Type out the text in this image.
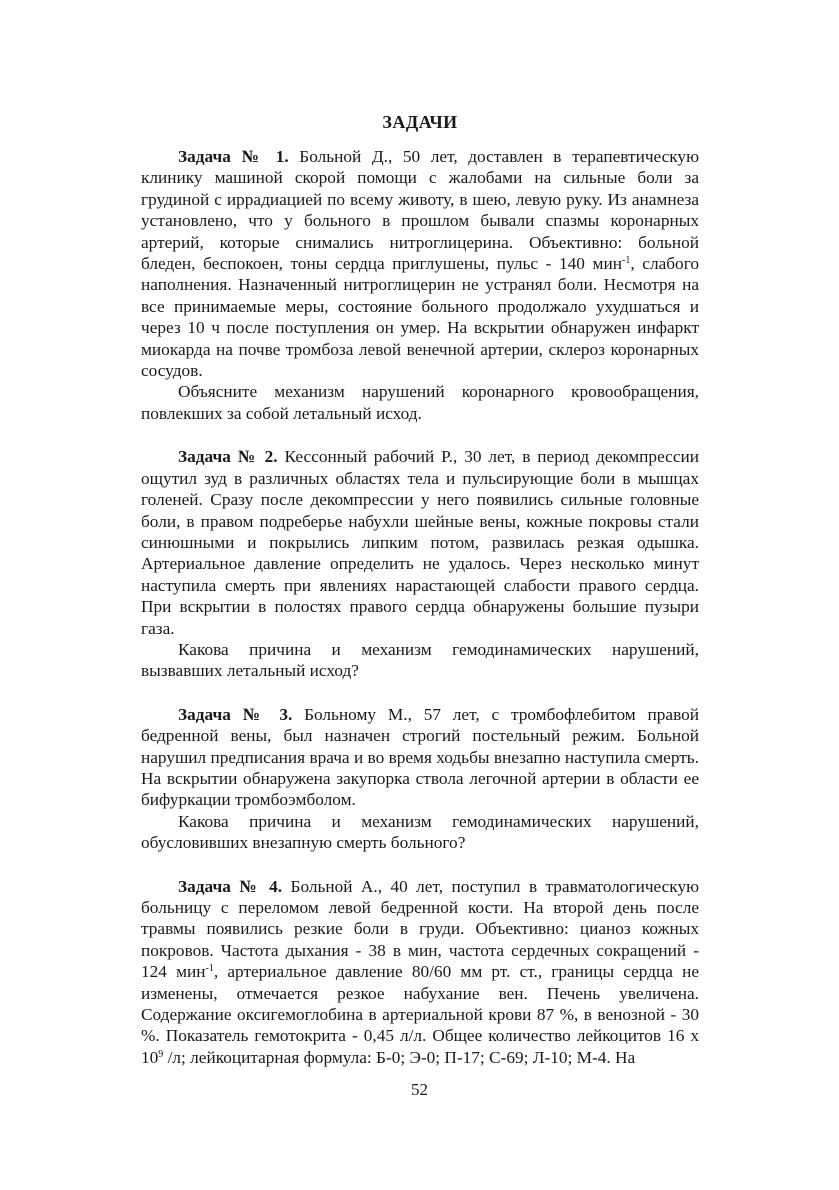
ЗАДАЧИ

Задача № 1. Больной Д., 50 лет, доставлен в терапевтическую клинику машиной скорой помощи с жалобами на сильные боли за грудиной с иррадиацией по всему животу, в шею, левую руку. Из анамнеза установлено, что у больного в прошлом бывали спазмы коронарных артерий, которые снимались нитроглицерина. Объективно: больной бледен, беспокоен, тоны сердца приглушены, пульс - 140 мин$^{-1}$, слабого наполнения. Назначенный нитроглицерин не устранял боли. Несмотря на все принимаемые меры, состояние больного продолжало ухудшаться и через 10 ч после поступления он умер. На вскрытии обнаружен инфаркт миокарда на почве тромбоза левой венечной артерии, склероз коронарных сосудов.

Объясните механизм нарушений коронарного кровообращения, повлекших за собой летальный исход.

Задача № 2. Кессонный рабочий Р., 30 лет, в период декомпрессии ощутил зуд в различных областях тела и пульсирующие боли в мышцах голеней. Сразу после декомпрессии у него появились сильные головные боли, в правом подреберье набухли шейные вены, кожные покровы стали синюшными и покрылись липким потом, развилась резкая одышка. Артериальное давление определить не удалось. Через несколько минут наступила смерть при явлениях нарастающей слабости правого сердца. При вскрытии в полостях правого сердца обнаружены большие пузыри газа.

Какова причина и механизм гемодинамических нарушений, вызвавших летальный исход?

Задача № 3. Больному М., 57 лет, с тромбофлебитом правой бедренной вены, был назначен строгий постельный режим. Больной нарушил предписания врача и во время ходьбы внезапно наступила смерть. На вскрытии обнаружена закупорка ствола легочной артерии в области ее бифуркации тромбоэмболом.

Какова причина и механизм гемодинамических нарушений, обусловивших внезапную смерть больного?

Задача № 4. Больной А., 40 лет, поступил в травматологическую больницу с переломом левой бедренной кости. На второй день после травмы появились резкие боли в груди. Объективно: цианоз кожных покровов. Частота дыхания - 38 в мин, частота сердечных сокращений - 124 мин$^{-1}$, артериальное давление 80/60 мм рт. ст., границы сердца не изменены, отмечается резкое набухание вен. Печень увеличена. Содержание оксигемоглобина в артериальной крови 87 %, в венозной - 30 %. Показатель гемотокрита - 0,45 л/л. Общее количество лейкоцитов 16 х $10^9$ /л; лейкоцитарная формула: Б-0; Э-0; П-17; С-69; Л-10; М-4. На

52
